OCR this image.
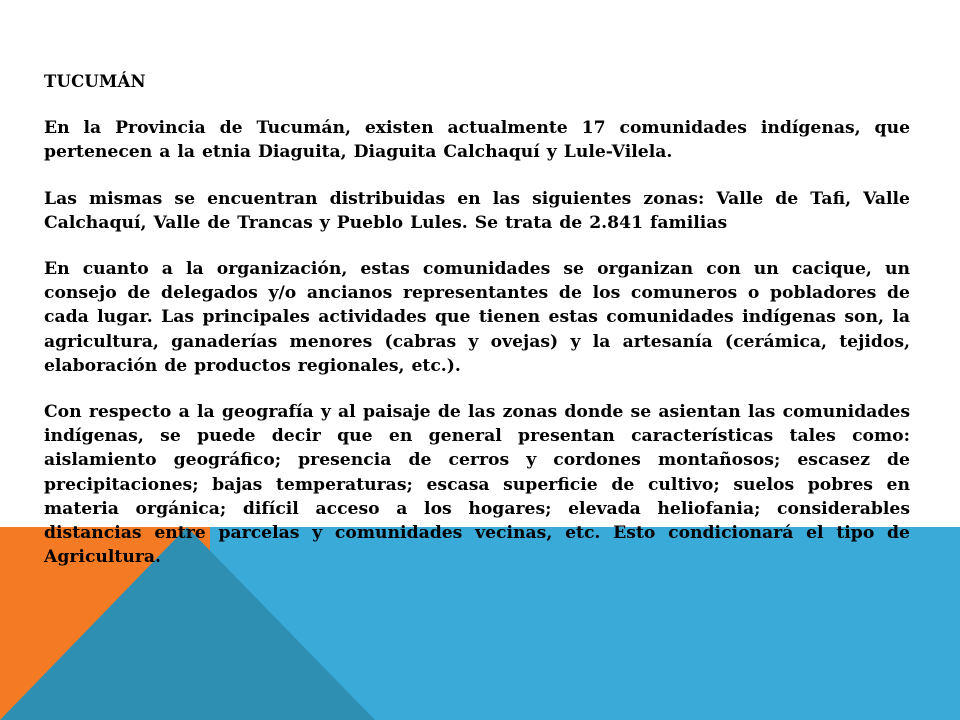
TUCUMÁN

En la Provincia de Tucumán, existen actualmente 17 comunidades indígenas, que pertenecen a la etnia Diaguita, Diaguita Calchaquí y Lule-Vilela.

Las mismas se encuentran distribuidas en las siguientes zonas: Valle de Tafi, Valle Calchaquí, Valle de Trancas y Pueblo Lules. Se trata de 2.841 familias

En cuanto a la organización, estas comunidades se organizan con un cacique, un consejo de delegados y/o ancianos representantes de los comuneros o pobladores de cada lugar. Las principales actividades que tienen estas comunidades indígenas son, la agricultura, ganaderías menores (cabras y ovejas) y la artesanía (cerámica, tejidos, elaboración de productos regionales, etc.).

Con respecto a la geografía y al paisaje de las zonas donde se asientan las comunidades indígenas, se puede decir que en general presentan características tales como: aislamiento geográfico; presencia de cerros y cordones montañosos; escasez de precipitaciones; bajas temperaturas; escasa superficie de cultivo; suelos pobres en materia orgánica; difícil acceso a los hogares; elevada heliofania; considerables distancias entre parcelas y comunidades vecinas, etc. Esto condicionará el tipo de Agricultura.
